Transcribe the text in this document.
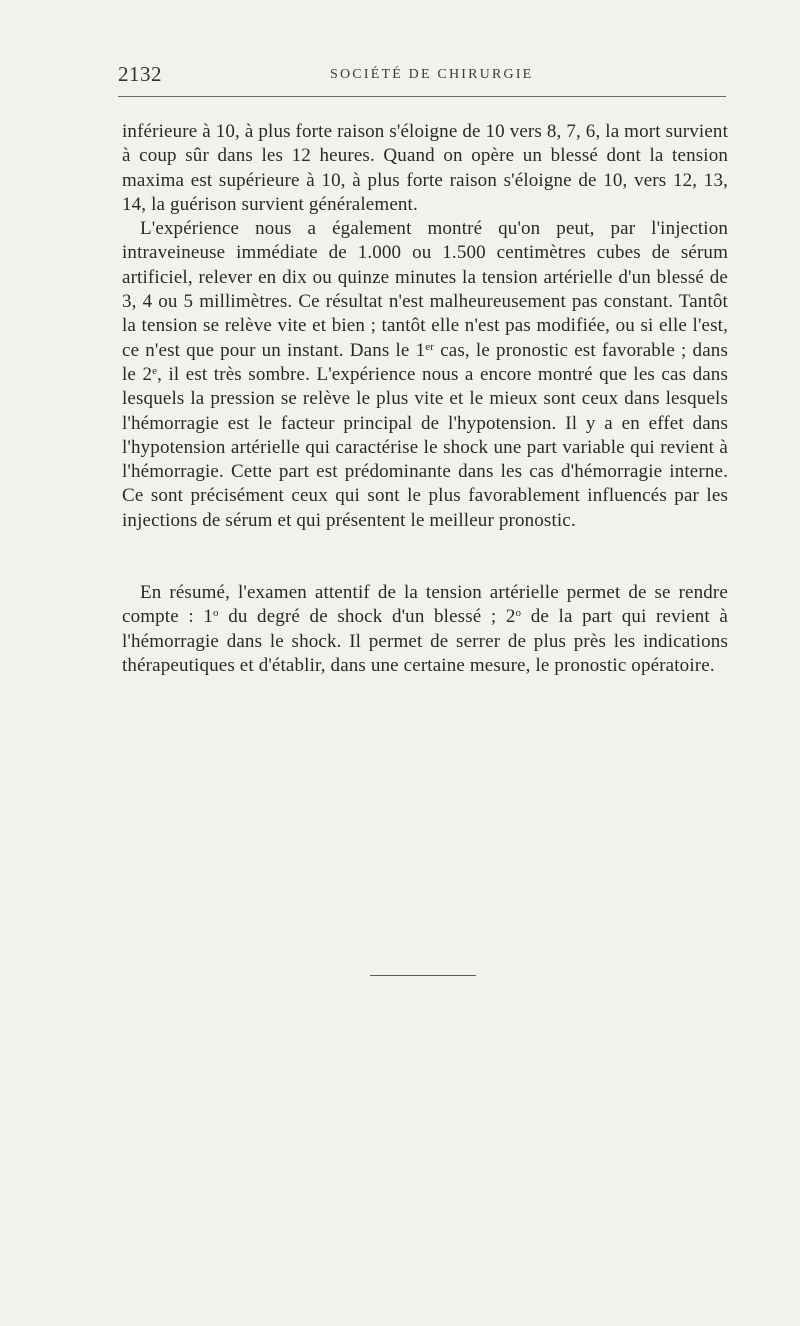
2132	SOCIÉTÉ DE CHIRURGIE

inférieure à 10, à plus forte raison s'éloigne de 10 vers 8, 7, 6, la mort survient à coup sûr dans les 12 heures. Quand on opère un blessé dont la tension maxima est supérieure à 10, à plus forte raison s'éloigne de 10, vers 12, 13, 14, la guérison survient généralement.

L'expérience nous a également montré qu'on peut, par l'injection intraveineuse immédiate de 1.000 ou 1.500 centimètres cubes de sérum artificiel, relever en dix ou quinze minutes la tension artérielle d'un blessé de 3, 4 ou 5 millimètres. Ce résultat n'est malheureusement pas constant. Tantôt la tension se relève vite et bien ; tantôt elle n'est pas modifiée, ou si elle l'est, ce n'est que pour un instant. Dans le 1er cas, le pronostic est favorable ; dans le 2e, il est très sombre. L'expérience nous a encore montré que les cas dans lesquels la pression se relève le plus vite et le mieux sont ceux dans lesquels l'hémorragie est le facteur principal de l'hypotension. Il y a en effet dans l'hypotension artérielle qui caractérise le shock une part variable qui revient à l'hémorragie. Cette part est prédominante dans les cas d'hémorragie interne. Ce sont précisément ceux qui sont le plus favorablement influencés par les injections de sérum et qui présentent le meilleur pronostic.

En résumé, l'examen attentif de la tension artérielle permet de se rendre compte : 1$^o$ du degré de shock d'un blessé ; 2$^o$ de la part qui revient à l'hémorragie dans le shock. Il permet de serrer de plus près les indications thérapeutiques et d'établir, dans une certaine mesure, le pronostic opératoire.
